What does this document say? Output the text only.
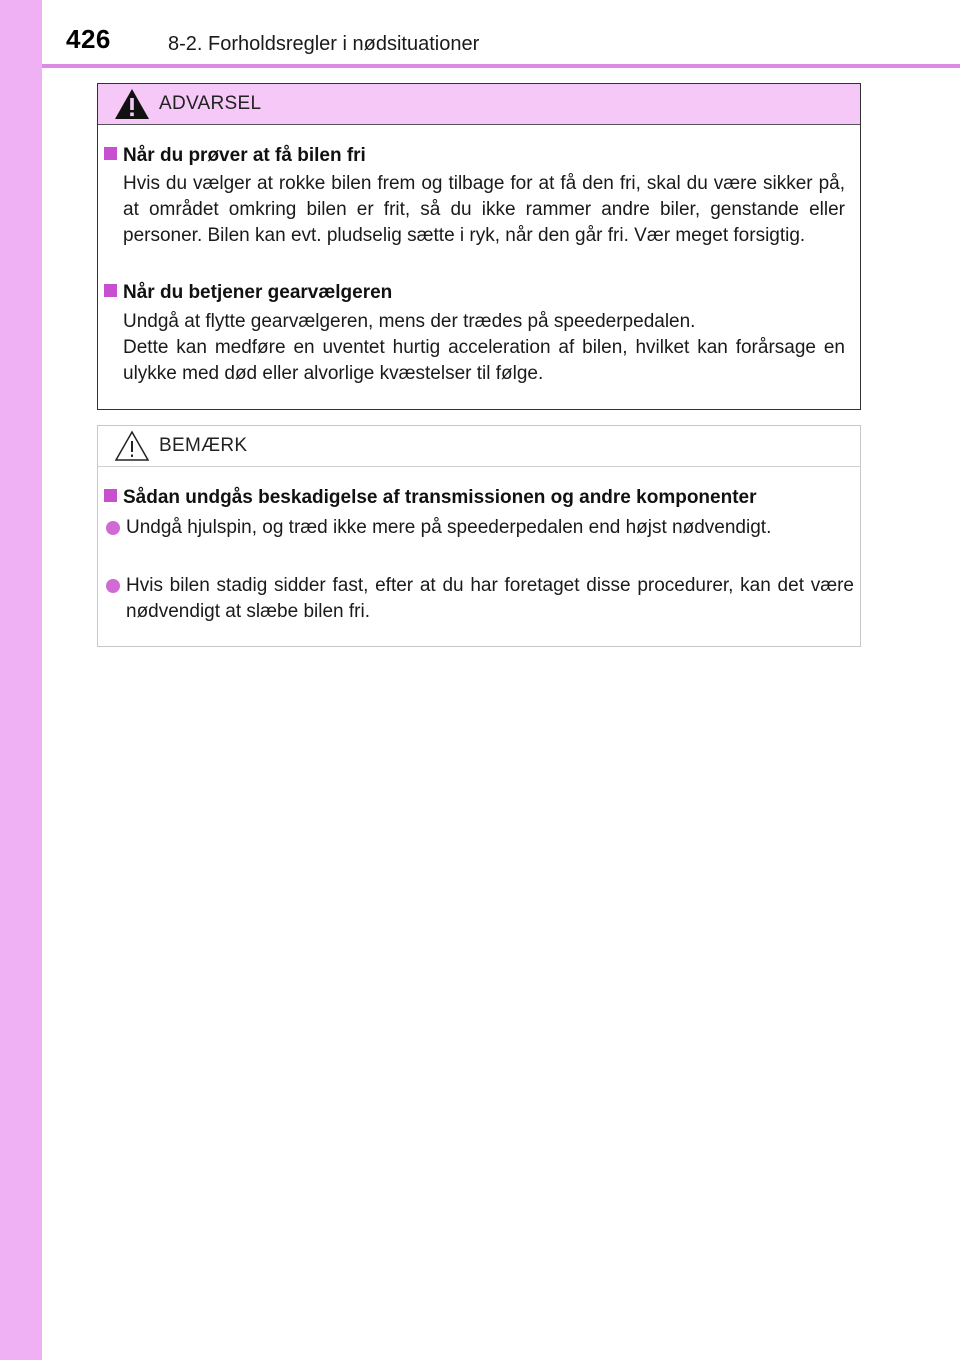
426	8-2. Forholdsregler i nødsituationer
ADVARSEL
Når du prøver at få bilen fri
Hvis du vælger at rokke bilen frem og tilbage for at få den fri, skal du være sikker på, at området omkring bilen er frit, så du ikke rammer andre biler, genstande eller personer. Bilen kan evt. pludselig sætte i ryk, når den går fri. Vær meget forsigtig.
Når du betjener gearvælgeren
Undgå at flytte gearvælgeren, mens der trædes på speederpedalen.
Dette kan medføre en uventet hurtig acceleration af bilen, hvilket kan forårsage en ulykke med død eller alvorlige kvæstelser til følge.
BEMÆRK
Sådan undgås beskadigelse af transmissionen og andre komponenter
Undgå hjulspin, og træd ikke mere på speederpedalen end højst nødvendigt.
Hvis bilen stadig sidder fast, efter at du har foretaget disse procedurer, kan det være nødvendigt at slæbe bilen fri.
